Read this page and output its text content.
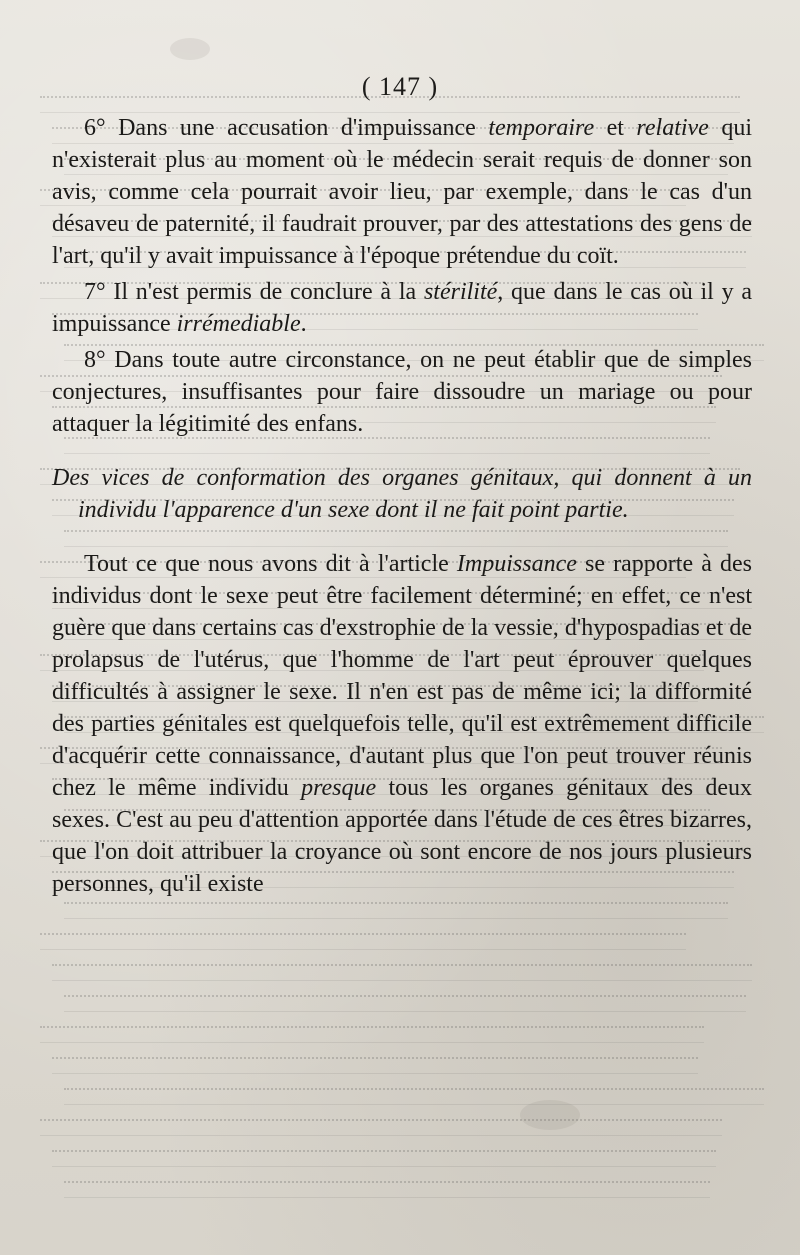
( 147 )

6° Dans une accusation d'impuissance temporaire et relative qui n'existerait plus au moment où le médecin serait requis de donner son avis, comme cela pourrait avoir lieu, par exemple, dans le cas d'un désaveu de paternité, il faudrait prouver, par des attestations des gens de l'art, qu'il y avait impuissance à l'époque prétendue du coït.

7° Il n'est permis de conclure à la stérilité, que dans le cas où il y a impuissance irrémediable.

8° Dans toute autre circonstance, on ne peut établir que de simples conjectures, insuffisantes pour faire dissoudre un mariage ou pour attaquer la légitimité des enfans.

Des vices de conformation des organes génitaux, qui donnent à un individu l'apparence d'un sexe dont il ne fait point partie.

Tout ce que nous avons dit à l'article Impuissance se rapporte à des individus dont le sexe peut être facilement déterminé; en effet, ce n'est guère que dans certains cas d'exstrophie de la vessie, d'hypospadias et de prolapsus de l'utérus, que l'homme de l'art peut éprouver quelques difficultés à assigner le sexe. Il n'en est pas de même ici; la difformité des parties génitales est quelquefois telle, qu'il est extrêmement difficile d'acquérir cette connaissance, d'autant plus que l'on peut trouver réunis chez le même individu presque tous les organes génitaux des deux sexes. C'est au peu d'attention apportée dans l'étude de ces êtres bizarres, que l'on doit attribuer la croyance où sont encore de nos jours plusieurs personnes, qu'il existe
